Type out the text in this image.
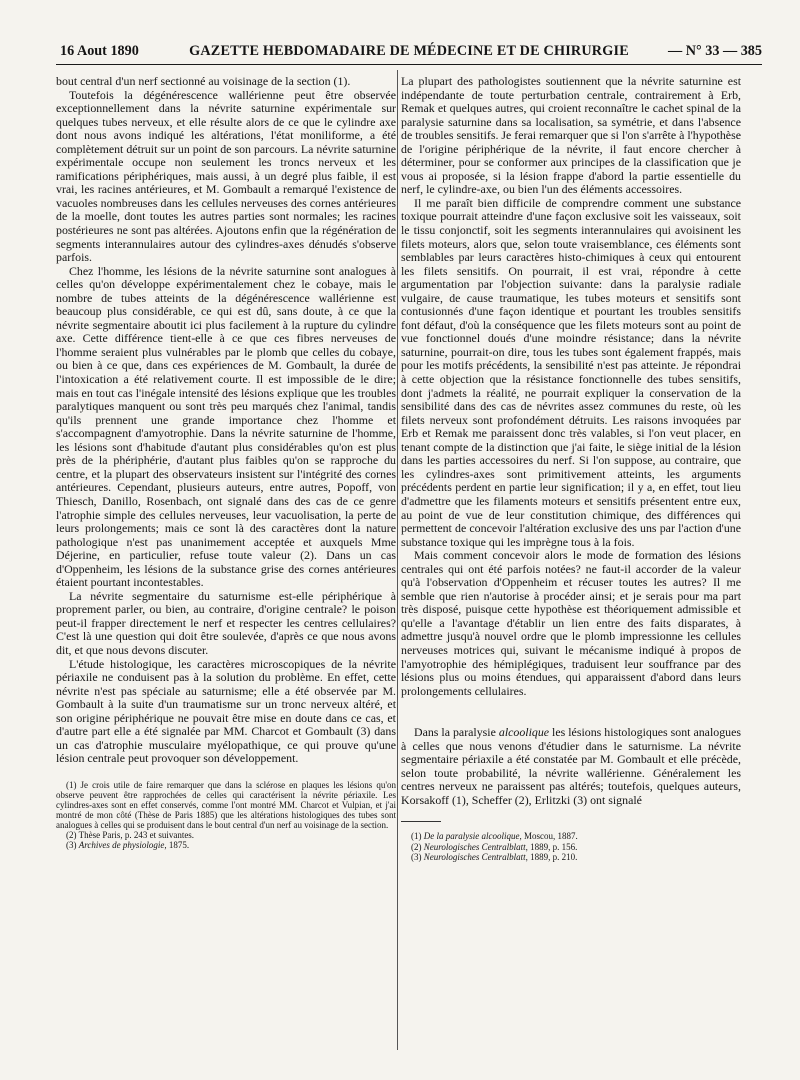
16 Aout 1890	GAZETTE HEBDOMADAIRE DE MÉDECINE ET DE CHIRURGIE	— N° 33 — 385

bout central d'un nerf sectionné au voisinage de la section (1).

Toutefois la dégénérescence wallérienne peut être observée exceptionnellement dans la névrite saturnine expérimentale sur quelques tubes nerveux, et elle résulte alors de ce que le cylindre axe dont nous avons indiqué les altérations, l'état moniliforme, a été complètement détruit sur un point de son parcours. La névrite saturnine expérimentale occupe non seulement les troncs nerveux et les ramifications périphériques, mais aussi, à un degré plus faible, il est vrai, les racines antérieures, et M. Gombault a remarqué l'existence de vacuoles nombreuses dans les cellules nerveuses des cornes antérieures de la moelle, dont toutes les autres parties sont normales; les racines postérieures ne sont pas altérées. Ajoutons enfin que la régénération de segments interannulaires autour des cylindres-axes dénudés s'observe parfois.

Chez l'homme, les lésions de la névrite saturnine sont analogues à celles qu'on développe expérimentalement chez le cobaye, mais le nombre de tubes atteints de la dégénérescence wallérienne est beaucoup plus considérable, ce qui est dû, sans doute, à ce que la névrite segmentaire aboutit ici plus facilement à la rupture du cylindre axe. Cette différence tient-elle à ce que ces fibres nerveuses de l'homme seraient plus vulnérables par le plomb que celles du cobaye, ou bien à ce que, dans ces expériences de M. Gombault, la durée de l'intoxication a été relativement courte. Il est impossible de le dire; mais en tout cas l'inégale intensité des lésions explique que les troubles paralytiques manquent ou sont très peu marqués chez l'animal, tandis qu'ils prennent une grande importance chez l'homme et s'accompagnent d'amyotrophie. Dans la névrite saturnine de l'homme, les lésions sont d'habitude d'autant plus considérables qu'on est plus près de la phériphérie, d'autant plus faibles qu'on se rapproche du centre, et la plupart des observateurs insistent sur l'intégrité des cornes antérieures. Cependant, plusieurs auteurs, entre autres, Popoff, von Thiesch, Danillo, Rosenbach, ont signalé dans des cas de ce genre l'atrophie simple des cellules nerveuses, leur vacuolisation, la perte de leurs prolongements; mais ce sont là des caractères dont la nature pathologique n'est pas unanimement acceptée et auxquels Mme Déjerine, en particulier, refuse toute valeur (2). Dans un cas d'Oppenheim, les lésions de la substance grise des cornes antérieures étaient pourtant incontestables.

La névrite segmentaire du saturnisme est-elle périphérique à proprement parler, ou bien, au contraire, d'origine centrale? le poison peut-il frapper directement le nerf et respecter les centres cellulaires? C'est là une question qui doit être soulevée, d'après ce que nous avons dit, et que nous devons discuter.

L'étude histologique, les caractères microscopiques de la névrite périaxile ne conduisent pas à la solution du problème. En effet, cette névrite n'est pas spéciale au saturnisme; elle a été observée par M. Gombault à la suite d'un traumatisme sur un tronc nerveux altéré, et son origine périphérique ne pouvait être mise en doute dans ce cas, et d'autre part elle a été signalée par MM. Charcot et Gombault (3) dans un cas d'atrophie musculaire myélopathique, ce qui prouve qu'une lésion centrale peut provoquer son développement.

(1) Je crois utile de faire remarquer que dans la sclérose en plaques les lésions qu'on observe peuvent être rapprochées de celles qui caractérisent la névrite périaxile. Les cylindres-axes sont en effet conservés, comme l'ont montré MM. Charcot et Vulpian, et j'ai montré de mon côté (Thèse de Paris 1885) que les altérations histologiques des tubes sont analogues à celles qui se produisent dans le bout central d'un nerf au voisinage de la section.
(2) Thèse Paris, p. 243 et suivantes.
(3) Archives de physiologie, 1875.

La plupart des pathologistes soutiennent que la névrite saturnine est indépendante de toute perturbation centrale, contrairement à Erb, Remak et quelques autres, qui croient reconnaître le cachet spinal de la paralysie saturnine dans sa localisation, sa symétrie, et dans l'absence de troubles sensitifs. Je ferai remarquer que si l'on s'arrête à l'hypothèse de l'origine périphérique de la névrite, il faut encore chercher à déterminer, pour se conformer aux principes de la classification que je vous ai proposée, si la lésion frappe d'abord la partie essentielle du nerf, le cylindre-axe, ou bien l'un des éléments accessoires.

Il me paraît bien difficile de comprendre comment une substance toxique pourrait atteindre d'une façon exclusive soit les vaisseaux, soit le tissu conjonctif, soit les segments interannulaires qui avoisinent les filets moteurs, alors que, selon toute vraisemblance, ces éléments sont semblables par leurs caractères histo-chimiques à ceux qui entourent les filets sensitifs. On pourrait, il est vrai, répondre à cette argumentation par l'objection suivante: dans la paralysie radiale vulgaire, de cause traumatique, les tubes moteurs et sensitifs sont contusionnés d'une façon identique et pourtant les troubles sensitifs font défaut, d'où la conséquence que les filets moteurs sont au point de vue fonctionnel doués d'une moindre résistance; dans la névrite saturnine, pourrait-on dire, tous les tubes sont également frappés, mais pour les motifs précédents, la sensibilité n'est pas atteinte. Je répondrai à cette objection que la résistance fonctionnelle des tubes sensitifs, dont j'admets la réalité, ne pourrait expliquer la conservation de la sensibilité dans des cas de névrites assez communes du reste, où les filets nerveux sont profondément détruits. Les raisons invoquées par Erb et Remak me paraissent donc très valables, si l'on veut placer, en tenant compte de la distinction que j'ai faite, le siège initial de la lésion dans les parties accessoires du nerf. Si l'on suppose, au contraire, que les cylindres-axes sont primitivement atteints, les arguments précédents perdent en partie leur signification; il y a, en effet, tout lieu d'admettre que les filaments moteurs et sensitifs présentent entre eux, au point de vue de leur constitution chimique, des différences qui permettent de concevoir l'altération exclusive des uns par l'action d'une substance toxique qui les imprègne tous à la fois.

Mais comment concevoir alors le mode de formation des lésions centrales qui ont été parfois notées? ne faut-il accorder de la valeur qu'à l'observation d'Oppenheim et récuser toutes les autres? Il me semble que rien n'autorise à procéder ainsi; et je serais pour ma part très disposé, puisque cette hypothèse est théoriquement admissible et qu'elle a l'avantage d'établir un lien entre des faits disparates, à admettre jusqu'à nouvel ordre que le plomb impressionne les cellules nerveuses motrices qui, suivant le mécanisme indiqué à propos de l'amyotrophie des hémiplégiques, traduisent leur souffrance par des lésions plus ou moins étendues, qui apparaissent d'abord dans leurs prolongements cellulaires.

Dans la paralysie alcoolique les lésions histologiques sont analogues à celles que nous venons d'étudier dans le saturnisme. La névrite segmentaire périaxile a été constatée par M. Gombault et elle précède, selon toute probabilité, la névrite wallérienne. Généralement les centres nerveux ne paraissent pas altérés; toutefois, quelques auteurs, Korsakoff (1), Scheffer (2), Erlitzki (3) ont signalé

(1) De la paralysie alcoolique, Moscou, 1887.
(2) Neurologisches Centralblatt, 1889, p. 156.
(3) Neurologisches Centralblatt, 1889, p. 210.
